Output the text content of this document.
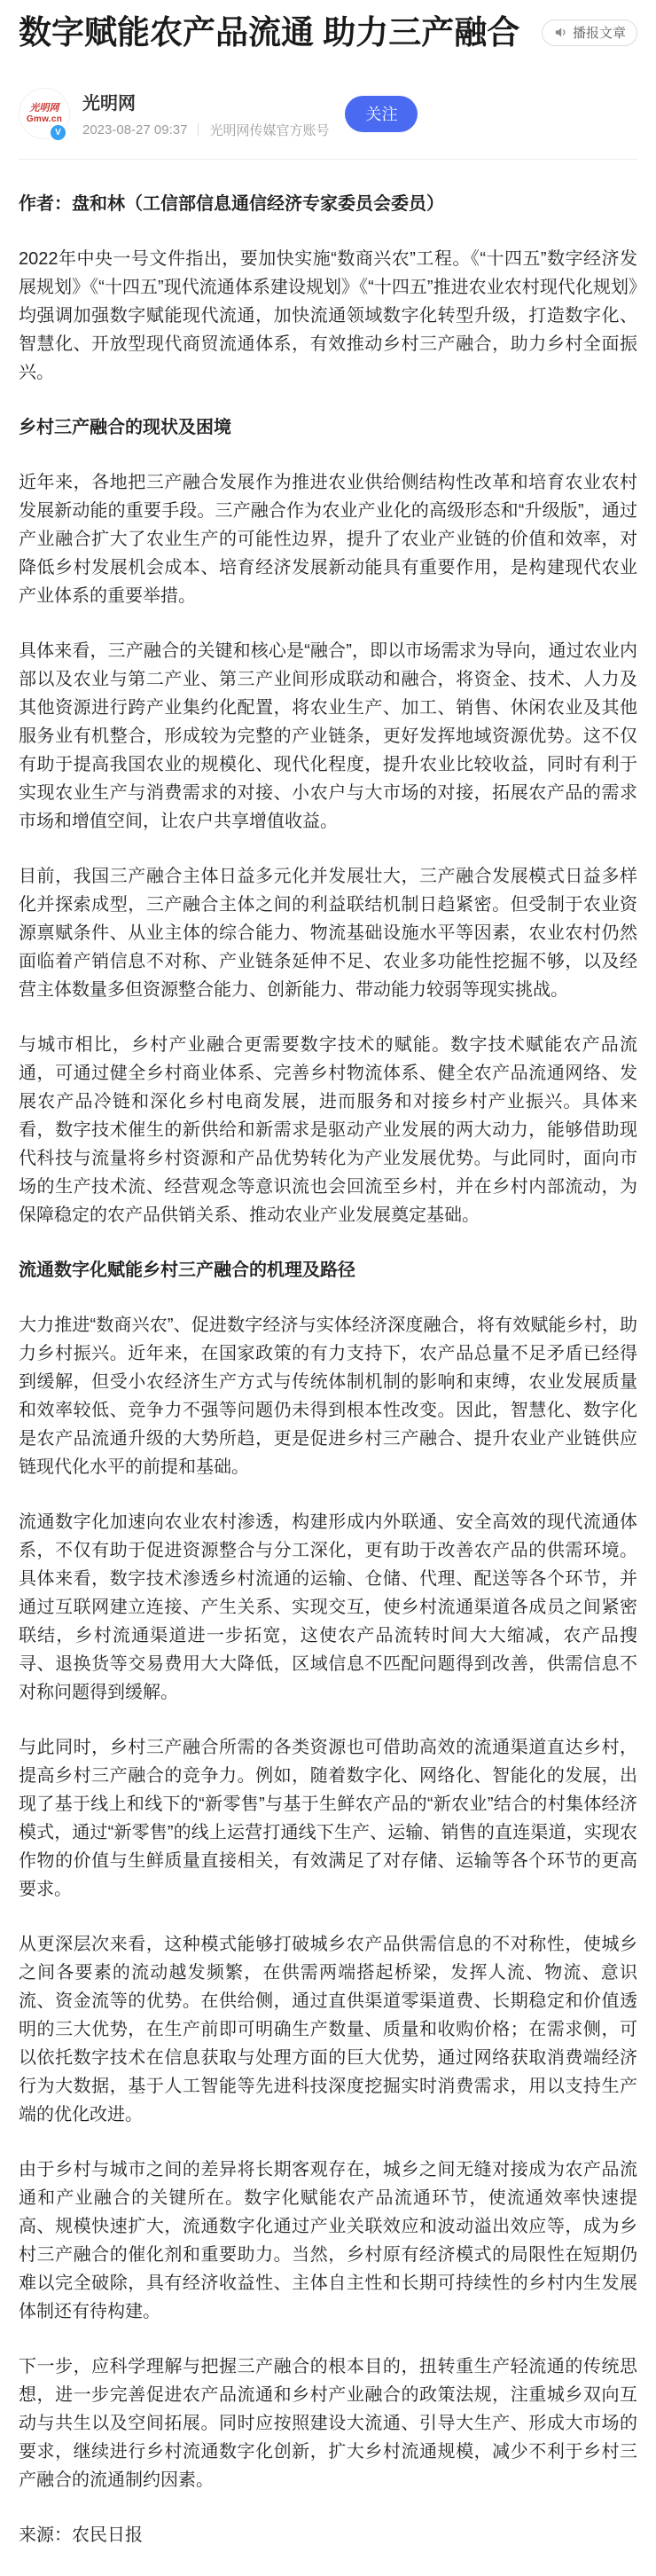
数字赋能农产品流通 助力三产融合	播报文章
光明网
Gmw.cn
V
光明网
2023-08-27 09:37 光明网传媒官方账号
关注

作者：盘和林（工信部信息通信经济专家委员会委员）

2022年中央一号文件指出，要加快实施“数商兴农”工程。《“十四五”数字经济发展规划》《“十四五”现代流通体系建设规划》《“十四五”推进农业农村现代化规划》均强调加强数字赋能现代流通，加快流通领域数字化转型升级，打造数字化、智慧化、开放型现代商贸流通体系，有效推动乡村三产融合，助力乡村全面振兴。

乡村三产融合的现状及困境

近年来，各地把三产融合发展作为推进农业供给侧结构性改革和培育农业农村发展新动能的重要手段。三产融合作为农业产业化的高级形态和“升级版”，通过产业融合扩大了农业生产的可能性边界，提升了农业产业链的价值和效率，对降低乡村发展机会成本、培育经济发展新动能具有重要作用，是构建现代农业产业体系的重要举措。

具体来看，三产融合的关键和核心是“融合”，即以市场需求为导向，通过农业内部以及农业与第二产业、第三产业间形成联动和融合，将资金、技术、人力及其他资源进行跨产业集约化配置，将农业生产、加工、销售、休闲农业及其他服务业有机整合，形成较为完整的产业链条，更好发挥地域资源优势。这不仅有助于提高我国农业的规模化、现代化程度，提升农业比较收益，同时有利于实现农业生产与消费需求的对接、小农户与大市场的对接，拓展农产品的需求市场和增值空间，让农户共享增值收益。

目前，我国三产融合主体日益多元化并发展壮大，三产融合发展模式日益多样化并探索成型，三产融合主体之间的利益联结机制日趋紧密。但受制于农业资源禀赋条件、从业主体的综合能力、物流基础设施水平等因素，农业农村仍然面临着产销信息不对称、产业链条延伸不足、农业多功能性挖掘不够，以及经营主体数量多但资源整合能力、创新能力、带动能力较弱等现实挑战。

与城市相比，乡村产业融合更需要数字技术的赋能。数字技术赋能农产品流通，可通过健全乡村商业体系、完善乡村物流体系、健全农产品流通网络、发展农产品冷链和深化乡村电商发展，进而服务和对接乡村产业振兴。具体来看，数字技术催生的新供给和新需求是驱动产业发展的两大动力，能够借助现代科技与流量将乡村资源和产品优势转化为产业发展优势。与此同时，面向市场的生产技术流、经营观念等意识流也会回流至乡村，并在乡村内部流动，为保障稳定的农产品供销关系、推动农业产业发展奠定基础。

流通数字化赋能乡村三产融合的机理及路径

大力推进“数商兴农”、促进数字经济与实体经济深度融合，将有效赋能乡村，助力乡村振兴。近年来，在国家政策的有力支持下，农产品总量不足矛盾已经得到缓解，但受小农经济生产方式与传统体制机制的影响和束缚，农业发展质量和效率较低、竞争力不强等问题仍未得到根本性改变。因此，智慧化、数字化是农产品流通升级的大势所趋，更是促进乡村三产融合、提升农业产业链供应链现代化水平的前提和基础。

流通数字化加速向农业农村渗透，构建形成内外联通、安全高效的现代流通体系，不仅有助于促进资源整合与分工深化，更有助于改善农产品的供需环境。具体来看，数字技术渗透乡村流通的运输、仓储、代理、配送等各个环节，并通过互联网建立连接、产生关系、实现交互，使乡村流通渠道各成员之间紧密联结，乡村流通渠道进一步拓宽，这使农产品流转时间大大缩减，农产品搜寻、退换货等交易费用大大降低，区域信息不匹配问题得到改善，供需信息不对称问题得到缓解。

与此同时，乡村三产融合所需的各类资源也可借助高效的流通渠道直达乡村，提高乡村三产融合的竞争力。例如，随着数字化、网络化、智能化的发展，出现了基于线上和线下的“新零售”与基于生鲜农产品的“新农业”结合的村集体经济模式，通过“新零售”的线上运营打通线下生产、运输、销售的直连渠道，实现农作物的价值与生鲜质量直接相关，有效满足了对存储、运输等各个环节的更高要求。

从更深层次来看，这种模式能够打破城乡农产品供需信息的不对称性，使城乡之间各要素的流动越发频繁，在供需两端搭起桥梁，发挥人流、物流、意识流、资金流等的优势。在供给侧，通过直供渠道零渠道费、长期稳定和价值透明的三大优势，在生产前即可明确生产数量、质量和收购价格；在需求侧，可以依托数字技术在信息获取与处理方面的巨大优势，通过网络获取消费端经济行为大数据，基于人工智能等先进科技深度挖掘实时消费需求，用以支持生产端的优化改进。

由于乡村与城市之间的差异将长期客观存在，城乡之间无缝对接成为农产品流通和产业融合的关键所在。数字化赋能农产品流通环节，使流通效率快速提高、规模快速扩大，流通数字化通过产业关联效应和波动溢出效应等，成为乡村三产融合的催化剂和重要助力。当然，乡村原有经济模式的局限性在短期仍难以完全破除，具有经济收益性、主体自主性和长期可持续性的乡村内生发展体制还有待构建。

下一步，应科学理解与把握三产融合的根本目的，扭转重生产轻流通的传统思想，进一步完善促进农产品流通和乡村产业融合的政策法规，注重城乡双向互动与共生以及空间拓展。同时应按照建设大流通、引导大生产、形成大市场的要求，继续进行乡村流通数字化创新，扩大乡村流通规模，减少不利于乡村三产融合的流通制约因素。

来源：农民日报
